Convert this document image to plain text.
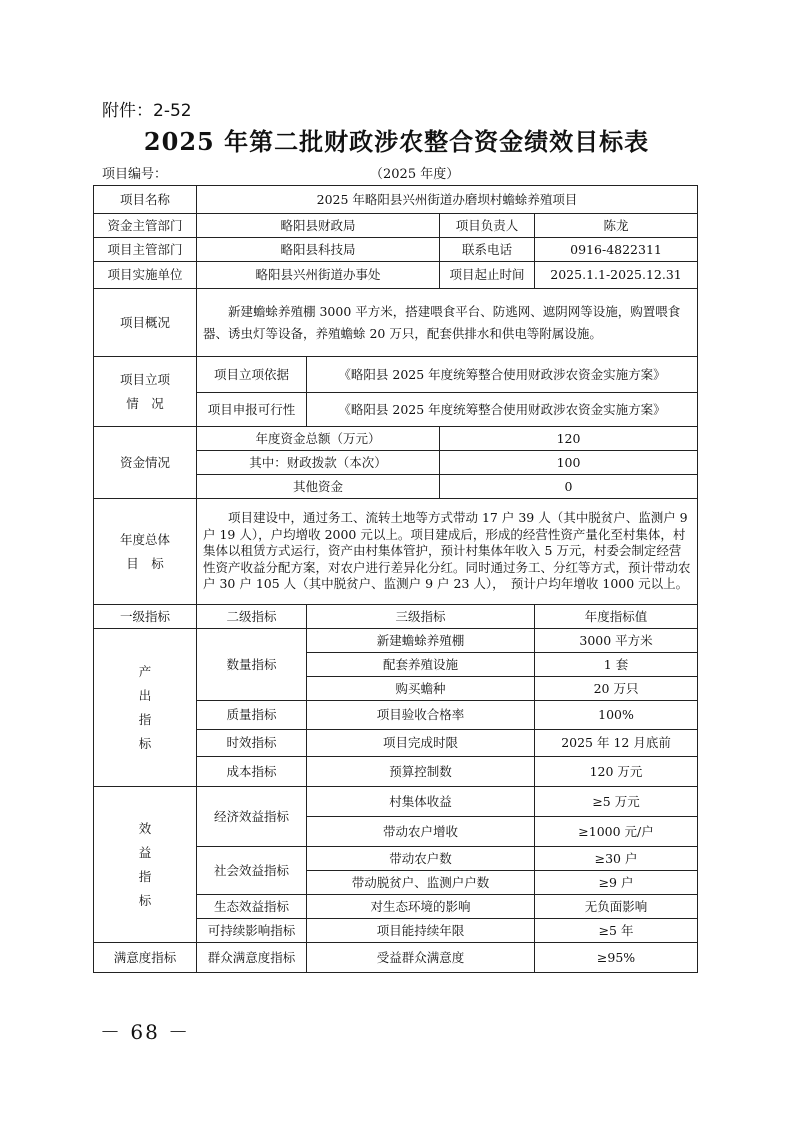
附件：2-52
2025 年第二批财政涉农整合资金绩效目标表
项目编号：	（2025 年度）
项目名称	2025 年略阳县兴州街道办磨坝村蟾蜍养殖项目			
资金主管部门	略阳县财政局		项目负责人	陈龙
项目主管部门	略阳县科技局		联系电话	0916-4822311
项目实施单位	略阳县兴州街道办事处		项目起止时间	2025.1.1-2025.12.31
项目概况	新建蟾蜍养殖棚 3000 平方米，搭建喂食平台、防逃网、遮阴网等设施，购置喂食器、诱虫灯等设备，养殖蟾蜍 20 万只，配套供排水和供电等附属设施。			
项目立项
情　况	项目立项依据	《略阳县 2025 年度统筹整合使用财政涉农资金实施方案》		
	项目申报可行性	《略阳县 2025 年度统筹整合使用财政涉农资金实施方案》		
资金情况	年度资金总额（万元）		120	
	其中：财政拨款（本次）		100	
	其他资金		0	
年度总体
目　标	项目建设中，通过务工、流转土地等方式带动 17 户 39 人（其中脱贫户、监测户 9 户 19 人），户均增收 2000 元以上。项目建成后，形成的经营性资产量化至村集体，村集体以租赁方式运行，资产由村集体管护，预计村集体年收入 5 万元，村委会制定经营性资产收益分配方案，对农户进行差异化分红。同时通过务工、分红等方式，预计带动农户 30 户 105 人（其中脱贫户、监测户 9 户 23 人），　预计户均年增收 1000 元以上。			
一级指标	二级指标	三级指标		年度指标值
产
出
指
标	数量指标	新建蟾蜍养殖棚		3000 平方米
		配套养殖设施		1 套
		购买蟾种		20 万只
	质量指标	项目验收合格率		100%
	时效指标	项目完成时限		2025 年 12 月底前
	成本指标	预算控制数		120 万元
效
益
指
标	经济效益指标	村集体收益		≥5 万元
		带动农户增收		≥1000 元/户
	社会效益指标	带动农户数		≥30 户
		带动脱贫户、监测户户数		≥9 户
	生态效益指标	对生态环境的影响		无负面影响
	可持续影响指标	项目能持续年限		≥5 年
满意度指标	群众满意度指标	受益群众满意度		≥95%
－ 68 －
